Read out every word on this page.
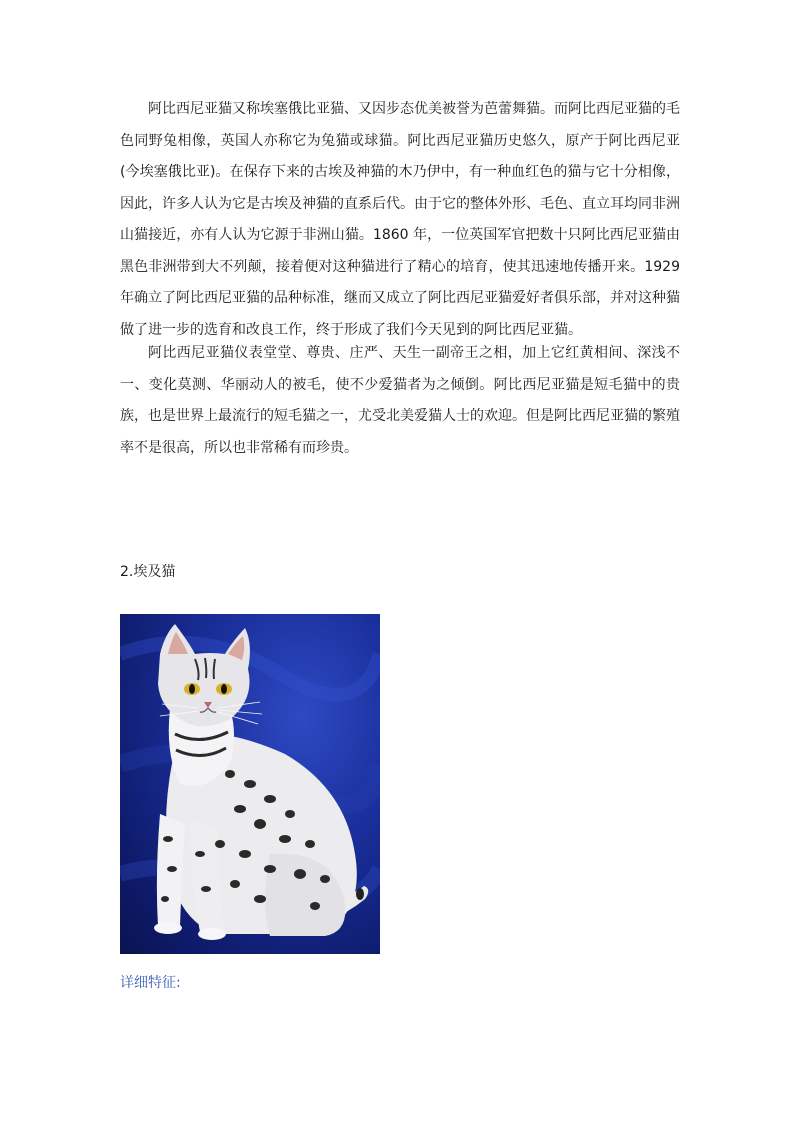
阿比西尼亚猫又称埃塞俄比亚猫、又因步态优美被誉为芭蕾舞猫。而阿比西尼亚猫的毛色同野兔相像，英国人亦称它为兔猫或球猫。阿比西尼亚猫历史悠久，原产于阿比西尼亚(今埃塞俄比亚)。在保存下来的古埃及神猫的木乃伊中，有一种血红色的猫与它十分相像，因此，许多人认为它是古埃及神猫的直系后代。由于它的整体外形、毛色、直立耳均同非洲山猫接近，亦有人认为它源于非洲山猫。1860 年，一位英国军官把数十只阿比西尼亚猫由黑色非洲带到大不列颠，接着便对这种猫进行了精心的培育，使其迅速地传播开来。1929 年确立了阿比西尼亚猫的品种标准，继而又成立了阿比西尼亚猫爱好者俱乐部，并对这种猫做了进一步的选育和改良工作，终于形成了我们今天见到的阿比西尼亚猫。

阿比西尼亚猫仪表堂堂、尊贵、庄严、天生一副帝王之相，加上它红黄相间、深浅不一、变化莫测、华丽动人的被毛，使不少爱猫者为之倾倒。阿比西尼亚猫是短毛猫中的贵族，也是世界上最流行的短毛猫之一，尤受北美爱猫人士的欢迎。但是阿比西尼亚猫的繁殖率不是很高，所以也非常稀有而珍贵。

2.埃及猫

详细特征:
